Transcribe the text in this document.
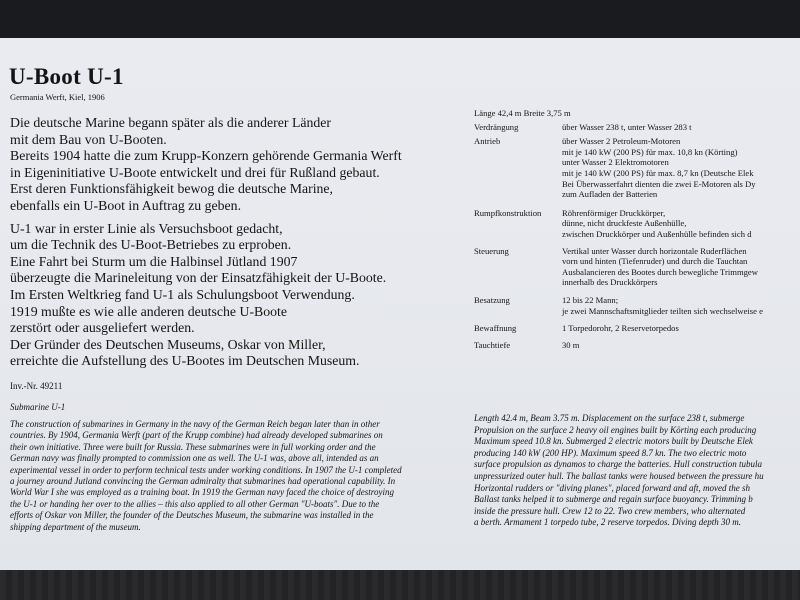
U-Boot U-1
Germania Werft, Kiel, 1906

Die deutsche Marine begann später als die anderer Länder
mit dem Bau von U-Booten.
Bereits 1904 hatte die zum Krupp-Konzern gehörende Germania Werft
in Eigeninitiative U-Boote entwickelt und drei für Rußland gebaut.
Erst deren Funktionsfähigkeit bewog die deutsche Marine,
ebenfalls ein U-Boot in Auftrag zu geben.

U-1 war in erster Linie als Versuchsboot gedacht,
um die Technik des U-Boot-Betriebes zu erproben.
Eine Fahrt bei Sturm um die Halbinsel Jütland 1907
überzeugte die Marineleitung von der Einsatzfähigkeit der U-Boote.
Im Ersten Weltkrieg fand U-1 als Schulungsboot Verwendung.
1919 mußte es wie alle anderen deutsche U-Boote
zerstört oder ausgeliefert werden.
Der Gründer des Deutschen Museums, Oskar von Miller,
erreichte die Aufstellung des U-Bootes im Deutschen Museum.

Inv.-Nr. 49211
Submarine U-1
The construction of submarines in Germany in the navy of the German Reich began later than in other
countries. By 1904, Germania Werft (part of the Krupp combine) had already developed submarines on
their own initiative. Three were built for Russia. These submarines were in full working order and the
German navy was finally prompted to commission one as well. The U-1 was, above all, intended as an
experimental vessel in order to perform technical tests under working conditions. In 1907 the U-1 completed
a journey around Jutland convincing the German admiralty that submarines had operational capability. In
World War I she was employed as a training boat. In 1919 the German navy faced the choice of destroying
the U-1 or handing her over to the allies – this also applied to all other German "U-boats". Due to the
efforts of Oskar von Miller, the founder of the Deutsches Museum, the submarine was installed in the
shipping department of the museum.
Länge 42,4 m Breite 3,75 m
Verdrängung	über Wasser 238 t, unter Wasser 283 t
Antrieb	über Wasser 2 Petroleum-Motoren
mit je 140 kW (200 PS) für max. 10,8 kn (Körting)
unter Wasser 2 Elektromotoren
mit je 140 kW (200 PS) für max. 8,7 kn (Deutsche Elek
Bei Überwasserfahrt dienten die zwei E-Motoren als Dy
zum Aufladen der Batterien
Rumpfkonstruktion Röhrenförmiger Druckkörper,
dünne, nicht druckfeste Außenhülle,
zwischen Druckkörper und Außenhülle befinden sich d
Steuerung	Vertikal unter Wasser durch horizontale Ruderflächen
vorn und hinten (Tiefenruder) und durch die Tauchtan
Ausbalancieren des Bootes durch bewegliche Trimmgew
innerhalb des Druckkörpers
Besatzung	12 bis 22 Mann;
je zwei Mannschaftsmitglieder teilten sich wechselweise e
Bewaffnung	1 Torpedorohr, 2 Reservetorpedos
Tauchtiefe	30 m
Length 42.4 m, Beam 3.75 m. Displacement on the surface 238 t, submerge
Propulsion on the surface 2 heavy oil engines built by Körting each producing
Maximum speed 10.8 kn. Submerged 2 electric motors built by Deutsche Elek
producing 140 kW (200 HP). Maximum speed 8.7 kn. The two electric moto
surface propulsion as dynamos to charge the batteries. Hull construction tubula
unpressurized outer hull. The ballast tanks were housed between the pressure hu
Horizontal rudders or "diving planes", placed forward and aft, moved the sh
Ballast tanks helped it to submerge and regain surface buoyancy. Trimming b
inside the pressure hull. Crew 12 to 22. Two crew members, who alternated
a berth. Armament 1 torpedo tube, 2 reserve torpedos. Diving depth 30 m.
